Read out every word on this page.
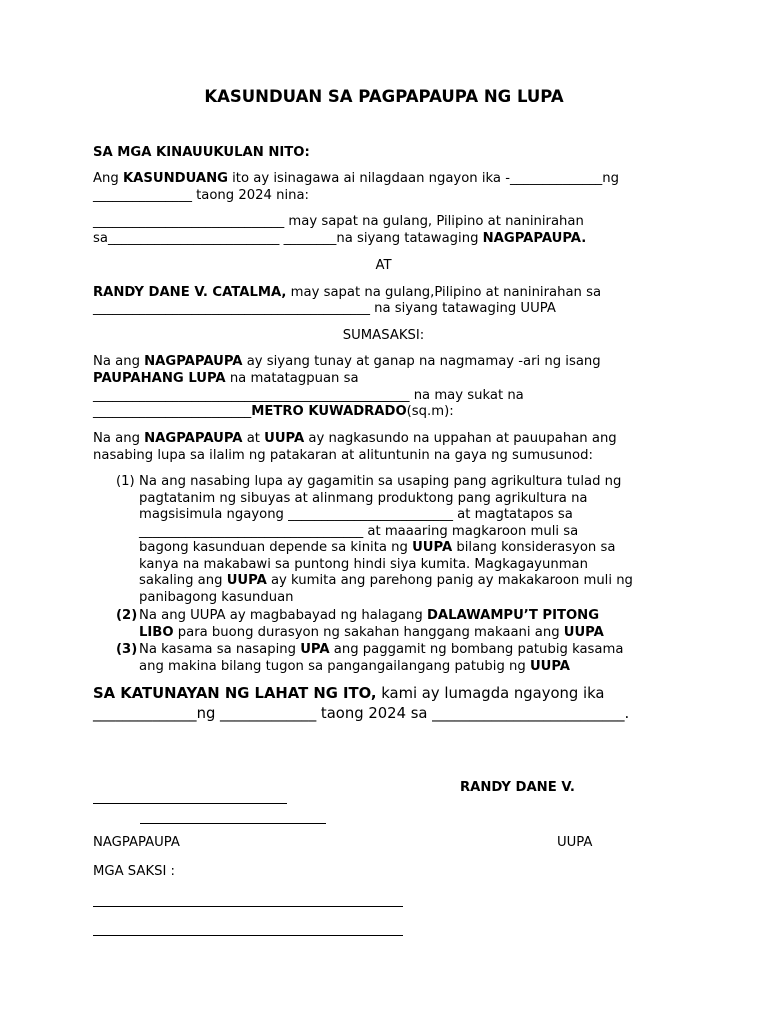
KASUNDUAN SA PAGPAPAUPA NG LUPA

SA MGA KINAUUKULAN NITO:

Ang KASUNDUANG ito ay isinagawa ai nilagdaan ngayon ika -______________ng

_______________ taong 2024 nina:

_____________________________ may sapat na gulang, Pilipino at naninirahan

sa__________________________ ________na siyang tatawaging NAGPAPAUPA.

AT

RANDY DANE V. CATALMA, may sapat na gulang,Pilipino at naninirahan sa

__________________________________________ na siyang tatawaging UUPA

SUMASAKSI:

Na ang NAGPAPAUPA ay siyang tunay at ganap na nagmamay -ari ng isang

PAUPAHANG LUPA na matatagpuan sa

________________________________________________ na may sukat na

________________________METRO KUWADRADO(sq.m):

Na ang NAGPAPAUPA at UUPA ay nagkasundo na uppahan at pauupahan ang

nasabing lupa sa ilalim ng patakaran at alituntunin na gaya ng sumusunod:

(1) Na ang nasabing lupa ay gagamitin sa usaping pang agrikultura tulad ng
pagtatanim ng sibuyas at alinmang produktong pang agrikultura na
magsisimula ngayong _________________________ at magtatapos sa
__________________________________ at maaaring magkaroon muli sa
bagong kasunduan depende sa kinita ng UUPA bilang konsiderasyon sa
kanya na makabawi sa puntong hindi siya kumita. Magkagayunman
sakaling ang UUPA ay kumita ang parehong panig ay makakaroon muli ng
panibagong kasunduan
(2) Na ang UUPA ay magbabayad ng halagang DALAWAMPU’T PITONG
LIBO para buong durasyon ng sakahan hanggang makaani ang UUPA
(3) Na kasama sa nasaping UPA ang paggamit ng bombang patubig kasama
ang makina bilang tugon sa pangangailangang patubig ng UUPA

SA KATUNAYAN NG LAHAT NG ITO, kami ay lumagda ngayong ika

______________ng _____________ taong 2024 sa __________________________.

RANDY DANE V.

NAGPAPAUPA	UUPA

MGA SAKSI :
